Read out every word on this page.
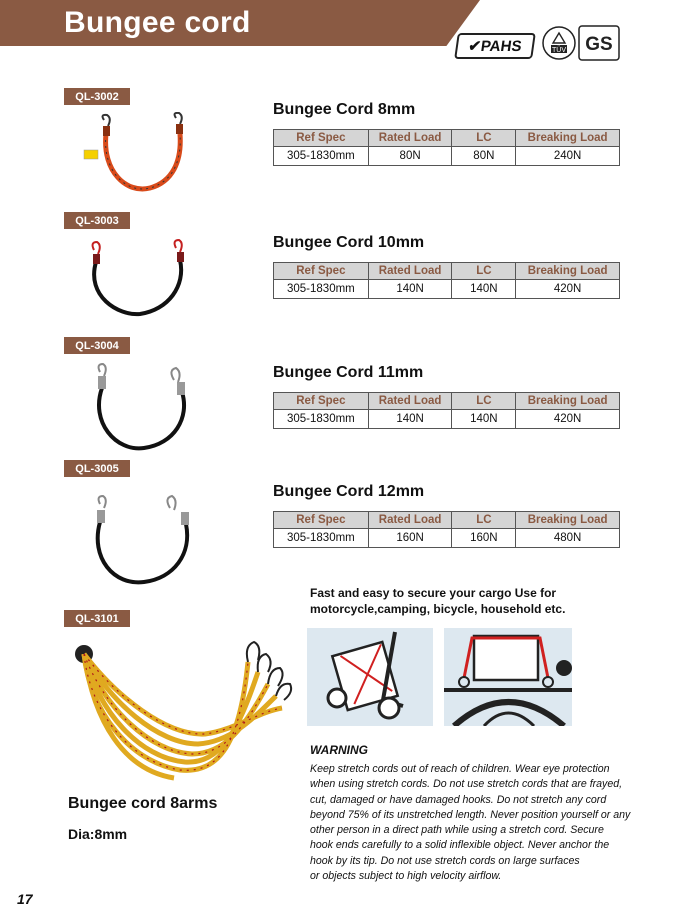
Bungee cord
✔PAHS	TÜV GS
QL-3002
QL-3003
QL-3004
QL-3005
QL-3101
Bungee Cord 8mm
Bungee Cord 10mm
Bungee Cord 11mm
Bungee Cord 12mm
Ref Spec	Rated Load	LC	Breaking Load
305-1830mm	80N	80N	240N
Ref Spec	Rated Load	LC	Breaking Load
305-1830mm	140N	140N	420N
Ref Spec	Rated Load	LC	Breaking Load
305-1830mm	140N	140N	420N
Ref Spec	Rated Load	LC	Breaking Load
305-1830mm	160N	160N	480N
Fast and easy to secure your cargo Use for motorcycle,camping, bicycle, household etc.
WARNING
Keep stretch cords out of reach of children. Wear eye protection
when using stretch cords. Do not use stretch cords that are frayed,
cut, damaged or have damaged hooks. Do not stretch any cord
beyond 75% of its unstretched length. Never position yourself or any
other person in a direct path while using a stretch cord. Secure
hook ends carefully to a solid inflexible object. Never anchor the
hook by its tip. Do not use stretch cords on large surfaces
or objects subject to high velocity airflow.
Bungee cord 8arms
Dia:8mm
17
